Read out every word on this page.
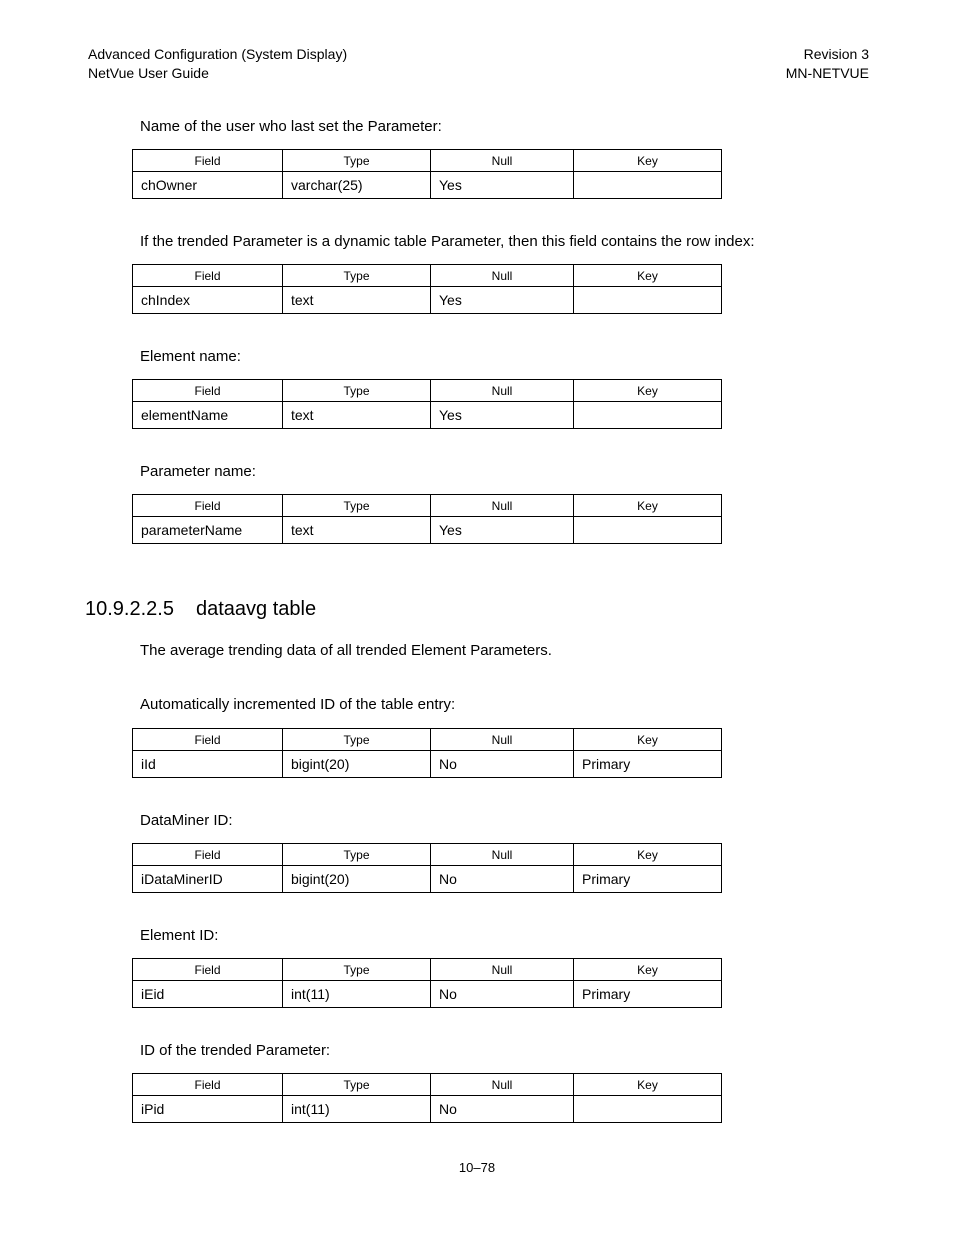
Advanced Configuration (System Display)
NetVue User Guide
Revision 3
MN-NETVUE
Name of the user who last set the Parameter:
Field	Type	Null	Key
chOwner	varchar(25)	Yes	
If the trended Parameter is a dynamic table Parameter, then this field contains the row index:
Field	Type	Null	Key
chIndex	text	Yes	
Element name:
Field	Type	Null	Key
elementName	text	Yes	
Parameter name:
Field	Type	Null	Key
parameterName	text	Yes	
10.9.2.2.5 dataavg table
The average trending data of all trended Element Parameters.
Automatically incremented ID of the table entry:
Field	Type	Null	Key
iId	bigint(20)	No	Primary
DataMiner ID:
Field	Type	Null	Key
iDataMinerID	bigint(20)	No	Primary
Element ID:
Field	Type	Null	Key
iEid	int(11)	No	Primary
ID of the trended Parameter:
Field	Type	Null	Key
iPid	int(11)	No	
10–78
